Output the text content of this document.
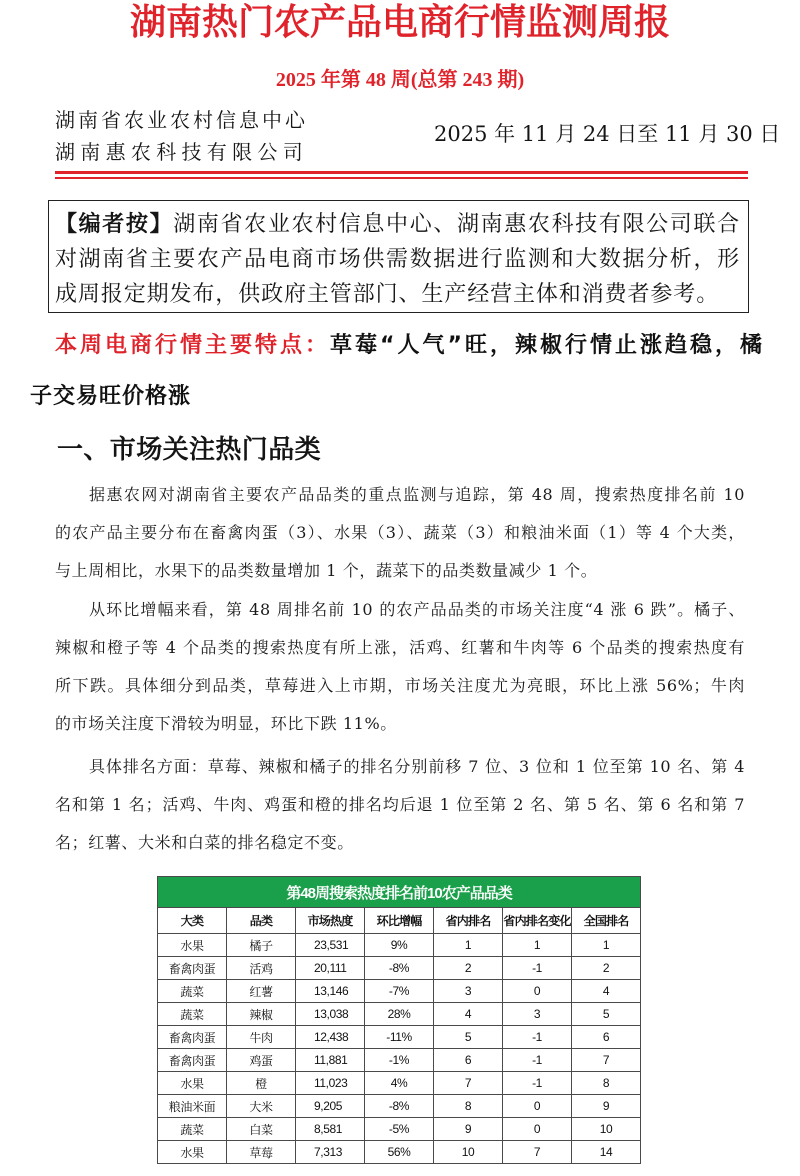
湖南热门农产品电商行情监测周报
2025 年第 48 周(总第 243 期)
湖南省农业农村信息中心
湖南惠农科技有限公司
2025 年 11 月 24 日至 11 月 30 日
【编者按】湖南省农业农村信息中心、湖南惠农科技有限公司联合
对湖南省主要农产品电商市场供需数据进行监测和大数据分析，形
成周报定期发布，供政府主管部门、生产经营主体和消费者参考。
本周电商行情主要特点：草莓“人气”旺，辣椒行情止涨趋稳，橘
子交易旺价格涨
一、市场关注热门品类
据惠农网对湖南省主要农产品品类的重点监测与追踪，第 48 周，搜索热度排名前 10
的农产品主要分布在畜禽肉蛋（3）、水果（3）、蔬菜（3）和粮油米面（1）等 4 个大类，
与上周相比，水果下的品类数量增加 1 个，蔬菜下的品类数量减少 1 个。
从环比增幅来看，第 48 周排名前 10 的农产品品类的市场关注度“4 涨 6 跌”。橘子、
辣椒和橙子等 4 个品类的搜索热度有所上涨，活鸡、红薯和牛肉等 6 个品类的搜索热度有
所下跌。具体细分到品类，草莓进入上市期，市场关注度尤为亮眼，环比上涨 56%；牛肉
的市场关注度下滑较为明显，环比下跌 11%。
具体排名方面：草莓、辣椒和橘子的排名分别前移 7 位、3 位和 1 位至第 10 名、第 4
名和第 1 名；活鸡、牛肉、鸡蛋和橙的排名均后退 1 位至第 2 名、第 5 名、第 6 名和第 7
名；红薯、大米和白菜的排名稳定不变。
第48周搜索热度排名前10农产品品类						
大类	品类	市场热度	环比增幅	省内排名	省内排名变化	全国排名
水果	橘子	23,531	9%	1	1	1
畜禽肉蛋	活鸡	20,111	-8%	2	-1	2
蔬菜	红薯	13,146	-7%	3	0	4
蔬菜	辣椒	13,038	28%	4	3	5
畜禽肉蛋	牛肉	12,438	-11%	5	-1	6
畜禽肉蛋	鸡蛋	11,881	-1%	6	-1	7
水果	橙	11,023	4%	7	-1	8
粮油米面	大米	9,205	-8%	8	0	9
蔬菜	白菜	8,581	-5%	9	0	10
水果	草莓	7,313	56%	10	7	14
